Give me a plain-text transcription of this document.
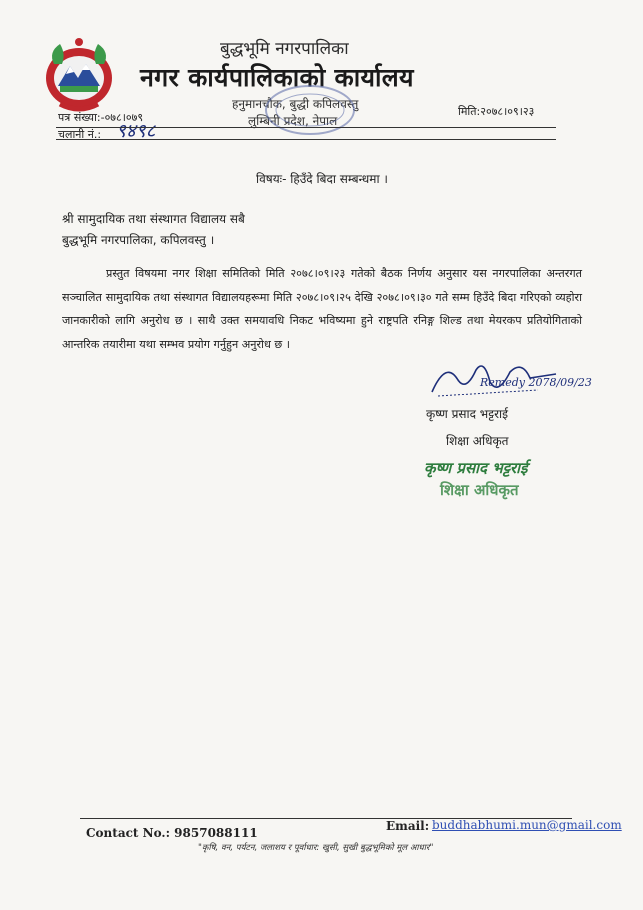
बुद्धभूमि नगरपालिका
नगर कार्यपालिकाको कार्यालय
हनुमानचौक, बुद्धी कपिलवस्तु
लुम्बिनी प्रदेश, नेपाल
पत्र संख्या:-०७८।०७९
चलानी नं.: ९४९८
मिति:२०७८।०९।२३
विषयः- हिउँदे बिदा सम्बन्धमा ।
श्री सामुदायिक तथा संस्थागत विद्यालय सबै
बुद्धभूमि नगरपालिका, कपिलवस्तु ।
प्रस्तुत विषयमा नगर शिक्षा समितिको मिति २०७८।०९।२३ गतेको बैठक निर्णय अनुसार यस नगरपालिका अन्तरगत सञ्चालित सामुदायिक तथा संस्थागत विद्यालयहरूमा मिति २०७८।०९।२५ देखि २०७८।०९।३० गते सम्म हिउँदे बिदा गरिएको व्यहोरा जानकारीको लागि अनुरोध छ । साथै उक्त समयावधि निकट भविष्यमा हुने राष्ट्रपति रनिङ्ग शिल्ड तथा मेयरकप प्रतियोगिताको आन्तरिक तयारीमा यथा सम्भव प्रयोग गर्नुहुन अनुरोध छ ।
Remedy 2078/09/23
कृष्ण प्रसाद भट्टराई
शिक्षा अधिकृत
कृष्ण प्रसाद भट्टराई
शिक्षा अधिकृत
Contact No.: 9857088111	Email: buddhabhumi.mun@gmail.com
"कृषि, वन, पर्यटन, जलाशय र पूर्वाधार: खुसी, सुखी बुद्धभूमिको मूल आधार"
